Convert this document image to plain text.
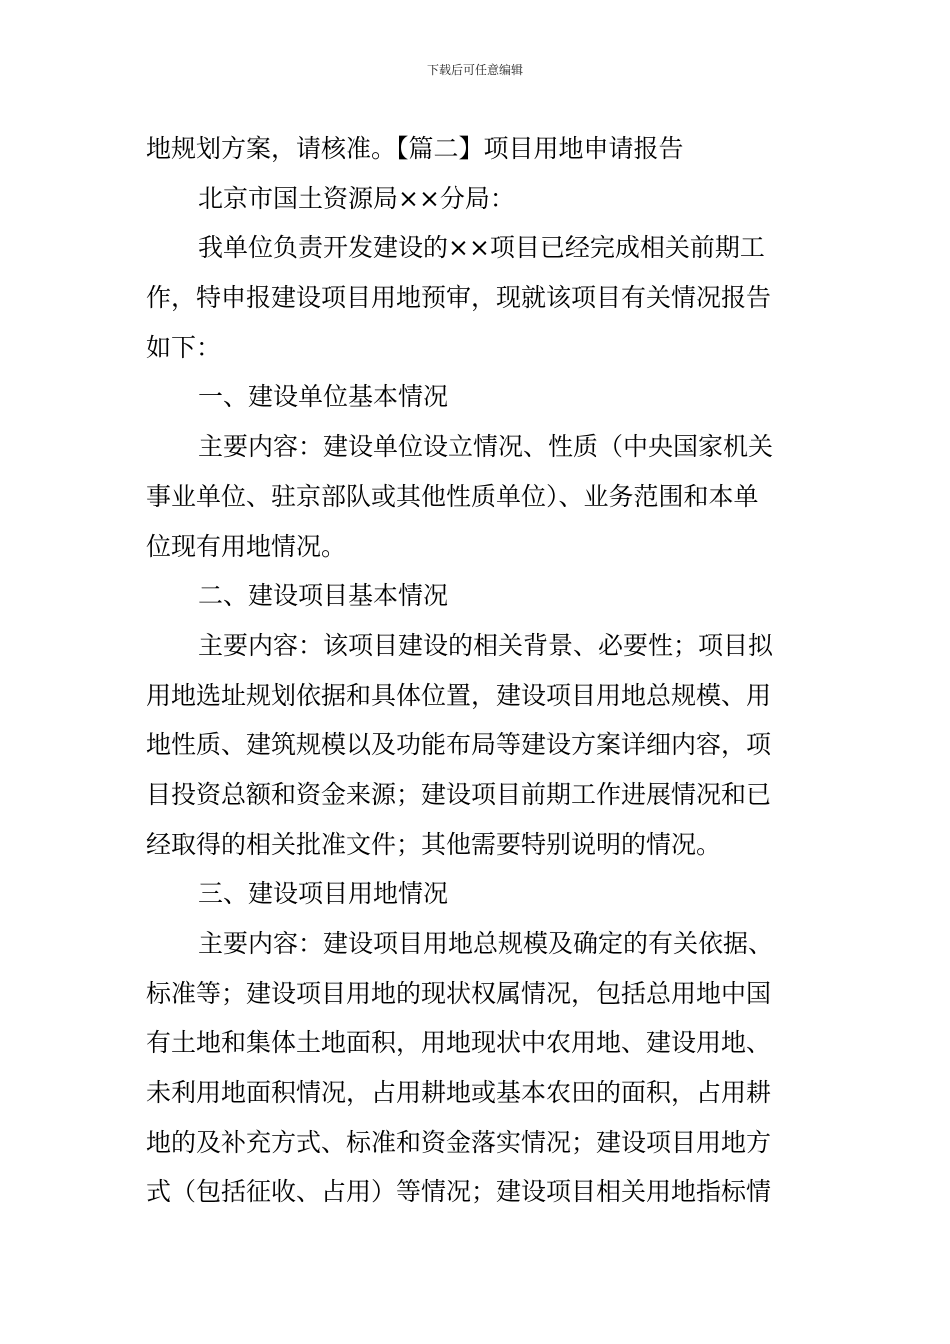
下载后可任意编辑
地规划方案，请核准。【篇二】项目用地申请报告
北京市国土资源局××分局：
我单位负责开发建设的××项目已经完成相关前期工
作，特申报建设项目用地预审，现就该项目有关情况报告
如下：
一、建设单位基本情况
主要内容：建设单位设立情况、性质（中央国家机关
事业单位、驻京部队或其他性质单位）、业务范围和本单
位现有用地情况。
二、建设项目基本情况
主要内容：该项目建设的相关背景、必要性；项目拟
用地选址规划依据和具体位置，建设项目用地总规模、用
地性质、建筑规模以及功能布局等建设方案详细内容，项
目投资总额和资金来源；建设项目前期工作进展情况和已
经取得的相关批准文件；其他需要特别说明的情况。
三、建设项目用地情况
主要内容：建设项目用地总规模及确定的有关依据、
标准等；建设项目用地的现状权属情况，包括总用地中国
有土地和集体土地面积，用地现状中农用地、建设用地、
未利用地面积情况，占用耕地或基本农田的面积，占用耕
地的及补充方式、标准和资金落实情况；建设项目用地方
式（包括征收、占用）等情况；建设项目相关用地指标情
